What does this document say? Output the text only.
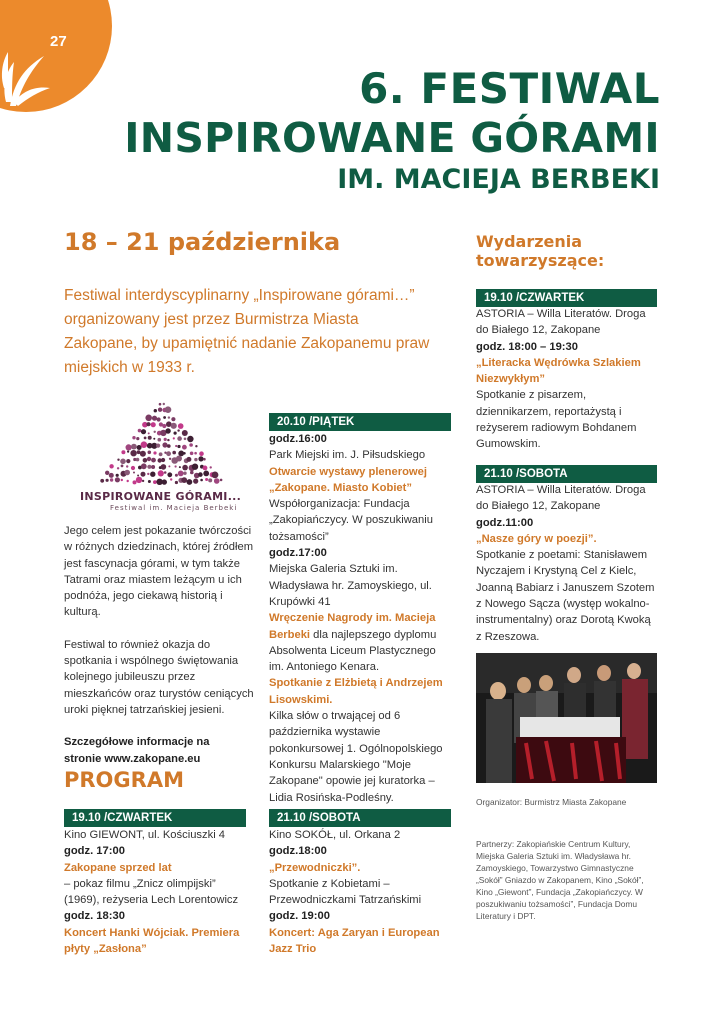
27
6. FESTIWAL
INSPIROWANE GÓRAMI
IM. MACIEJA BERBEKI
18 – 21 października
Festiwal interdyscyplinarny „Inspirowane górami…” organizowany jest przez Burmistrza Miasta Zakopane, by upamiętnić nadanie Zakopanemu praw miejskich w 1933 r.
INSPIROWANE GÓRAMI...
Festiwal im. Macieja Berbeki
Jego celem jest pokazanie twórczości w różnych dziedzinach, której źródłem jest fascynacja górami, w tym także Tatrami oraz miastem leżącym u ich podnóża, jego ciekawą historią i kulturą.
Festiwal to również okazja do spotkania i wspólnego świętowania kolejnego jubileuszu przez mieszkańców oraz turystów ceniących uroki pięknej tatrzańskiej jesieni.
Szczegółowe informacje na stronie www.zakopane.eu
PROGRAM
19.10 /CZWARTEK
Kino GIEWONT, ul. Kościuszki 4
godz. 17:00
Zakopane sprzed lat
– pokaz filmu „Znicz olimpijski” (1969), reżyseria Lech Lorentowicz
godz. 18:30
Koncert Hanki Wójciak. Premiera płyty „Zasłona”
20.10 /PIĄTEK
godz.16:00
Park Miejski im. J. Piłsudskiego
Otwarcie wystawy plenerowej „Zakopane. Miasto Kobiet”
Współorganizacja: Fundacja „Zakopiańczycy. W poszukiwaniu tożsamości”
godz.17:00
Miejska Galeria Sztuki im. Władysława hr. Zamoyskiego, ul. Krupówki 41
Wręczenie Nagrody im. Macieja Berbeki dla najlepszego dyplomu Absolwenta Liceum Plastycznego im. Antoniego Kenara.
Spotkanie z Elżbietą i Andrzejem Lisowskimi.
Kilka słów o trwającej od 6 października wystawie pokonkursowej 1. Ogólnopolskiego Konkursu Malarskiego "Moje Zakopane" opowie jej kuratorka – Lidia Rosińska-Podleśny.
21.10 /SOBOTA
Kino SOKÓŁ, ul. Orkana 2
godz.18:00
„Przewodniczki”.
Spotkanie z Kobietami – Przewodniczkami Tatrzańskimi
godz. 19:00
Koncert: Aga Zaryan i European Jazz Trio
Wydarzenia
towarzyszące:
19.10 /CZWARTEK
ASTORIA – Willa Literatów. Droga do Białego 12, Zakopane
godz. 18:00 – 19:30
„Literacka Wędrówka Szlakiem Niezwykłym”
Spotkanie z pisarzem, dziennikarzem, reportażystą i reżyserem radiowym Bohdanem Gumowskim.
21.10 /SOBOTA
ASTORIA – Willa Literatów. Droga do Białego 12, Zakopane
godz.11:00
„Nasze góry w poezji”.
Spotkanie z poetami: Stanisławem Nyczajem i Krystyną Cel z Kielc, Joanną Babiarz i Januszem Szotem z Nowego Sącza (występ wokalno-instrumentalny) oraz Dorotą Kwoką z Rzeszowa.
Organizator: Burmistrz Miasta Zakopane
Partnerzy: Zakopiańskie Centrum Kultury, Miejska Galeria Sztuki im. Władysława hr. Zamoyskiego, Towarzystwo Gimnastyczne „Sokół” Gniazdo w Zakopanem, Kino „Sokół”, Kino „Giewont”, Fundacja „Zakopiańczycy. W poszukiwaniu tożsamości”, Fundacja Domu Literatury i DPT.
